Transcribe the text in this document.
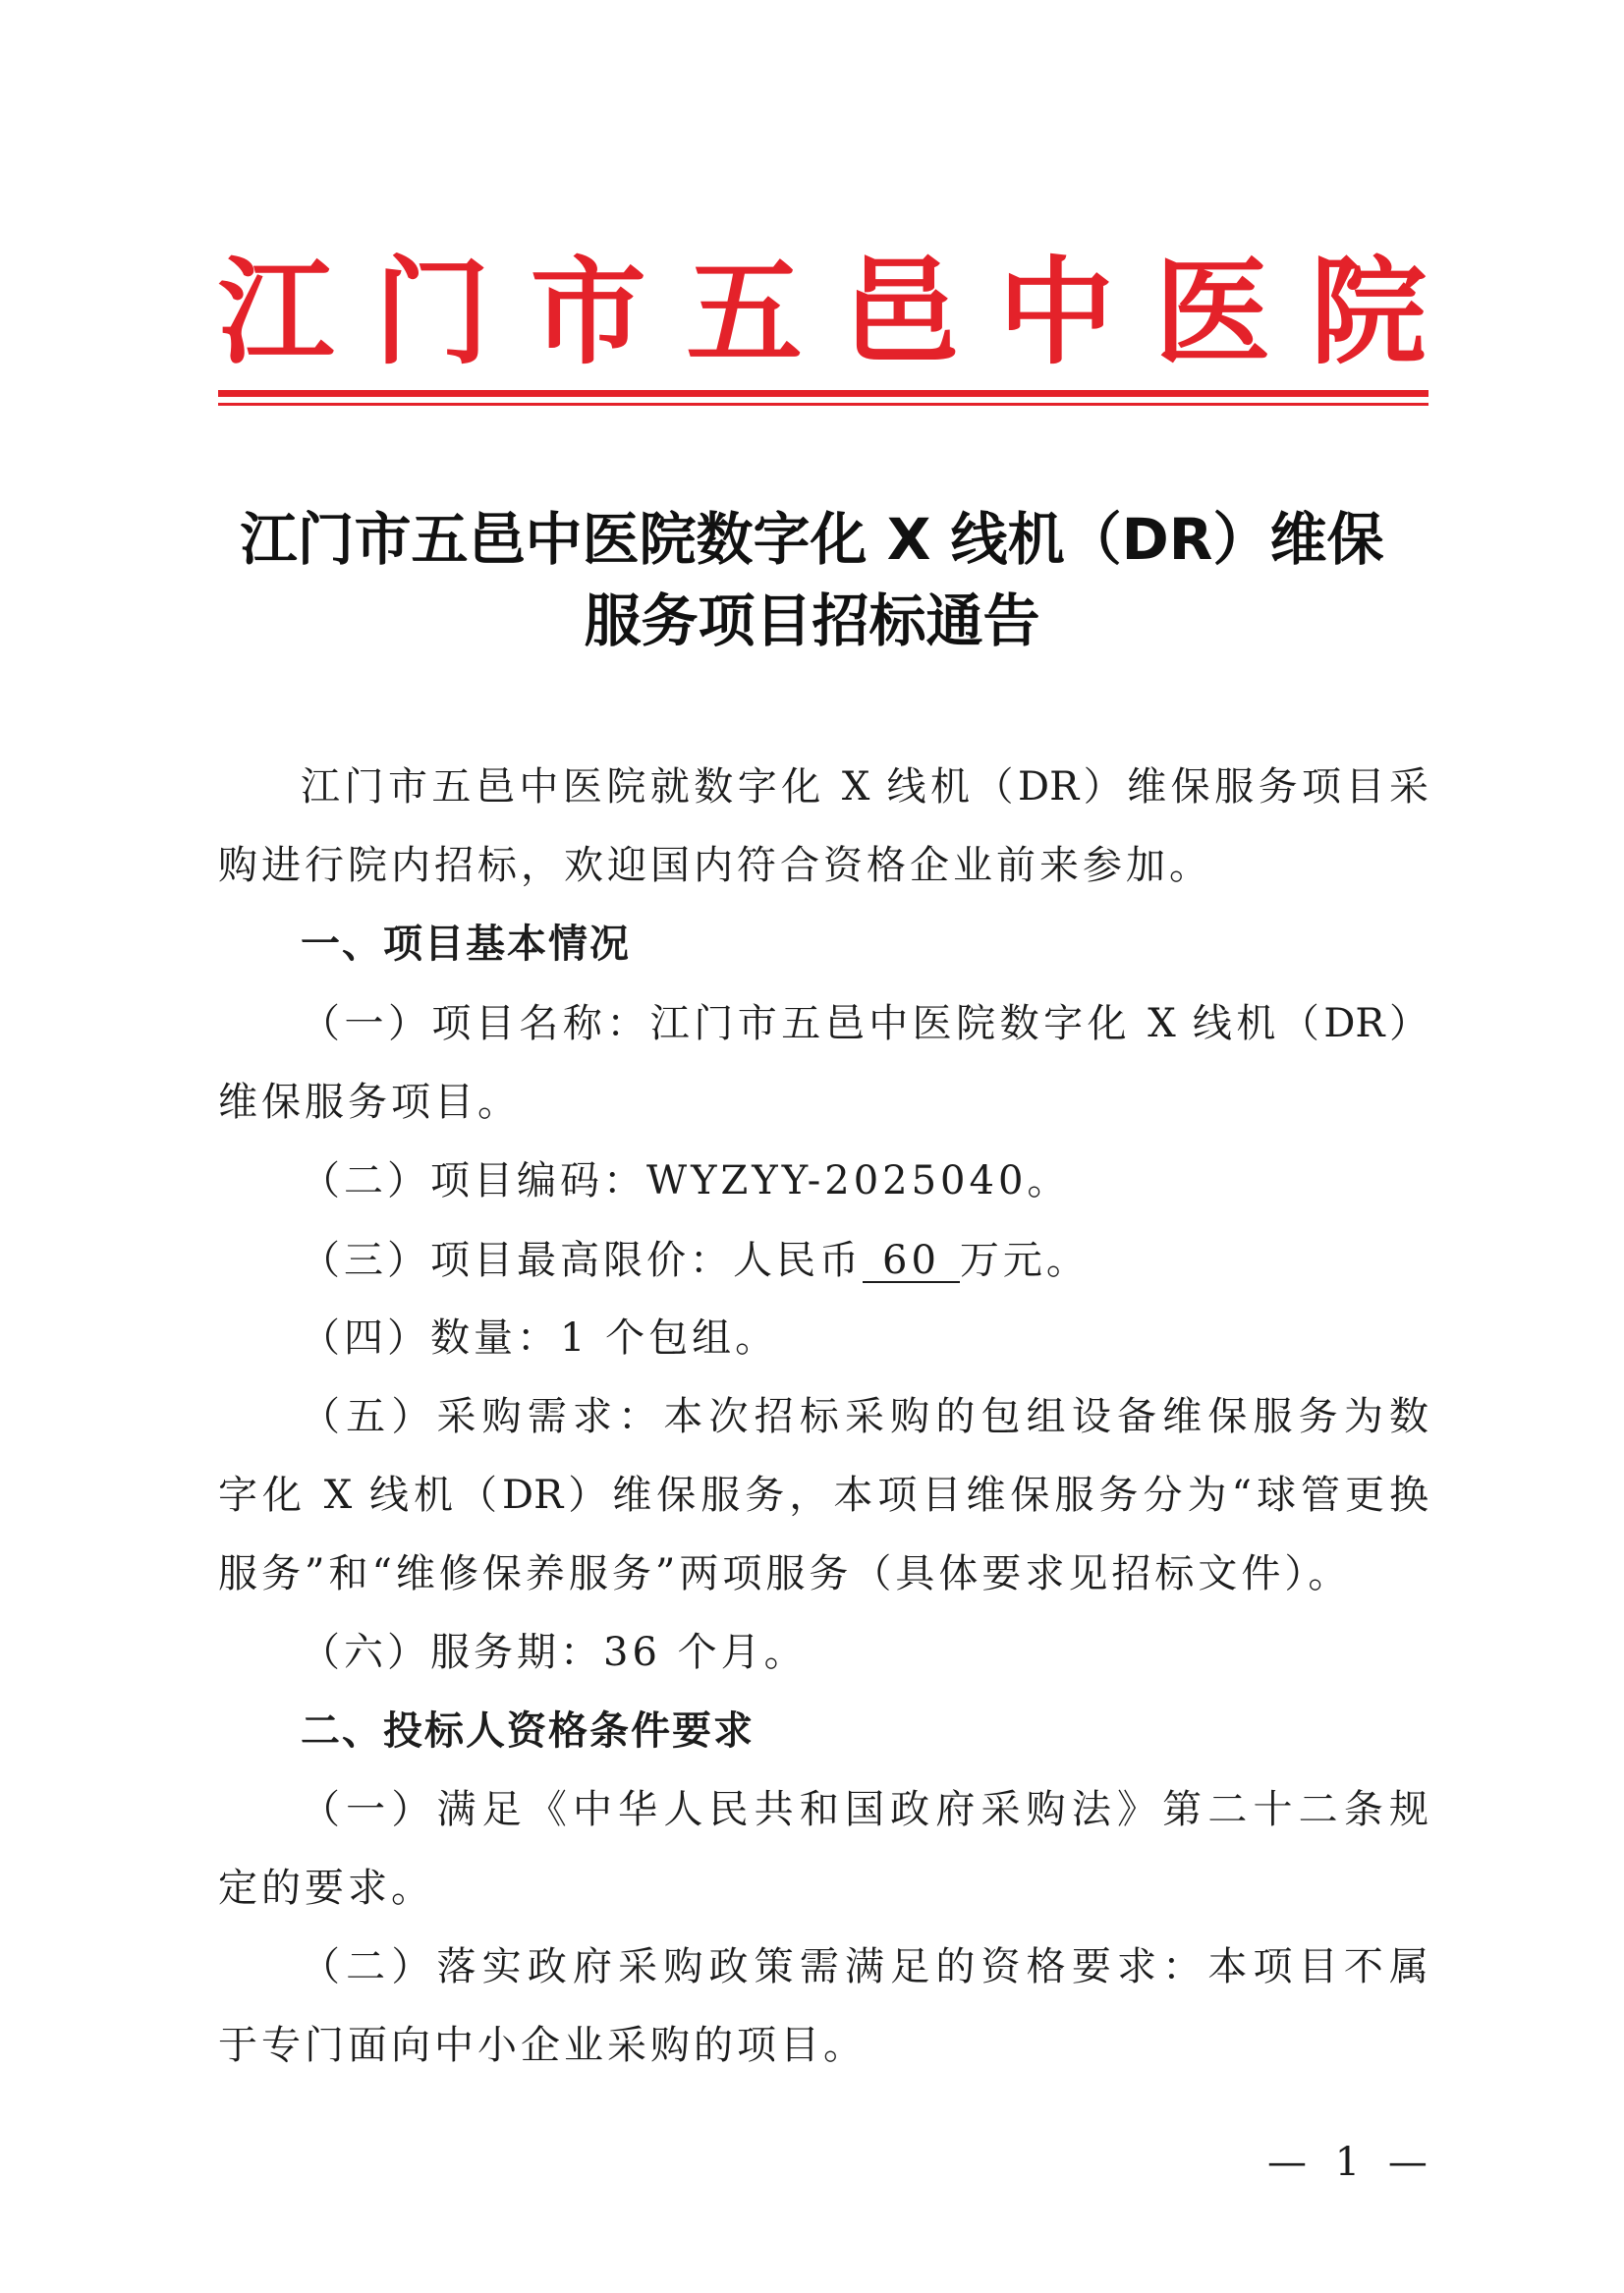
江 门 市 五 邑 中 医 院
江门市五邑中医院数字化 X 线机（DR）维保
服务项目招标通告
江门市五邑中医院就数字化 X 线机（DR）维保服务项目采
购进行院内招标，欢迎国内符合资格企业前来参加。
一、项目基本情况
（一）项目名称：江门市五邑中医院数字化 X 线机（DR）
维保服务项目。
（二）项目编码：WYZYY-2025040。
（三）项目最高限价：人民币 60 万元。
（四）数量：1 个包组。
（五）采购需求：本次招标采购的包组设备维保服务为数
字化 X 线机（DR）维保服务，本项目维保服务分为“球管更换
服务”和“维修保养服务”两项服务（具体要求见招标文件）。
（六）服务期：36 个月。
二、投标人资格条件要求
（一）满足《中华人民共和国政府采购法》第二十二条规
定的要求。
（二）落实政府采购政策需满足的资格要求：本项目不属
于专门面向中小企业采购的项目。
— 1 —
